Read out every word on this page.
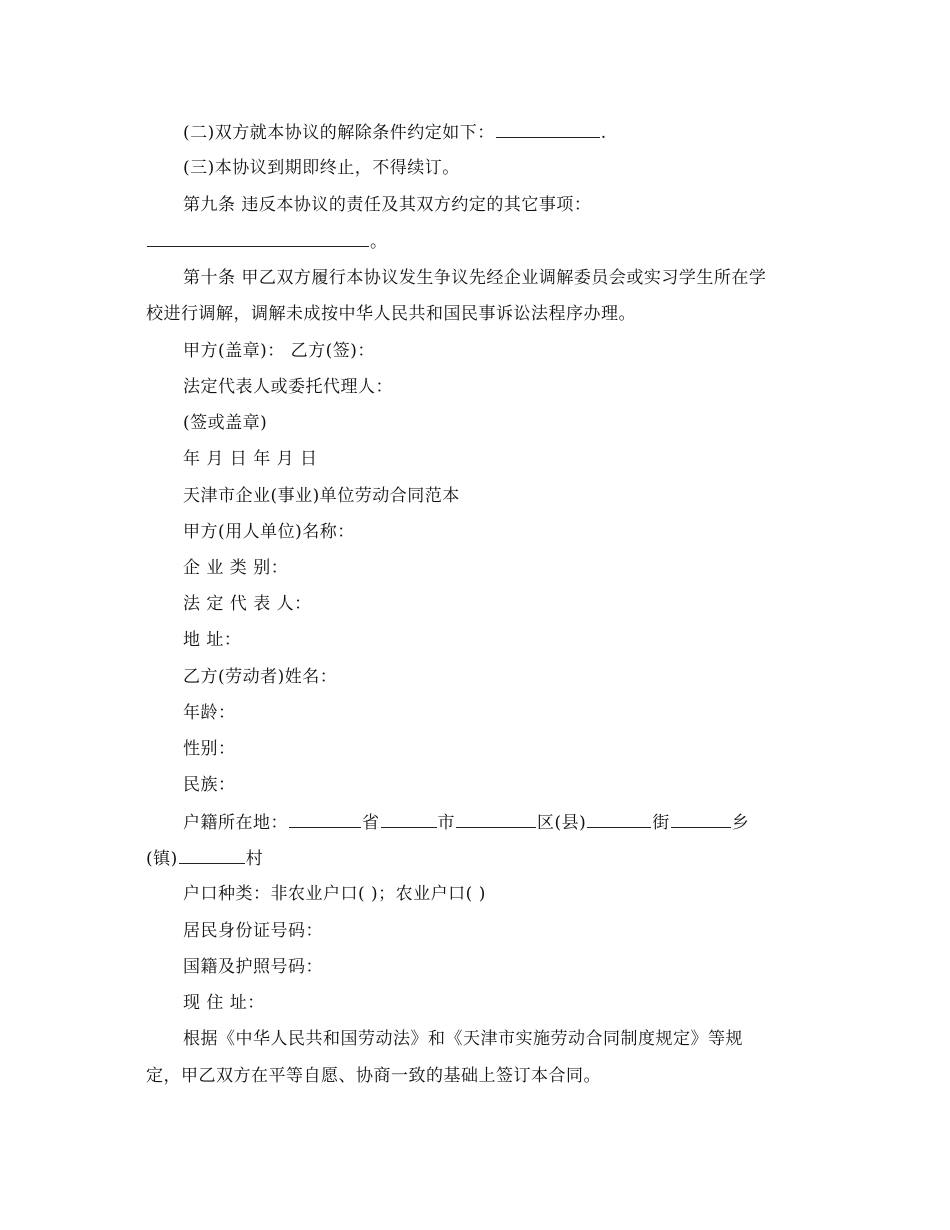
(二)双方就本协议的解除条件约定如下：	.
(三)本协议到期即终止，不得续订。
第九条 违反本协议的责任及其双方约定的其它事项：
。
第十条 甲乙双方履行本协议发生争议先经企业调解委员会或实习学生所在学
校进行调解，调解未成按中华人民共和国民事诉讼法程序办理。
甲方(盖章)： 乙方(签)：
法定代表人或委托代理人：
(签或盖章)
年 月 日 年 月 日
天津市企业(事业)单位劳动合同范本
甲方(用人单位)名称：
企 业 类 别：
法 定 代 表 人：
地 址：
乙方(劳动者)姓名：
年龄：
性别：
民族：
户籍所在地：	省	市	区(县)	街	乡
(镇)	村
户口种类：非农业户口( )；农业户口( )
居民身份证号码：
国籍及护照号码：
现 住 址：
根据《中华人民共和国劳动法》和《天津市实施劳动合同制度规定》等规
定，甲乙双方在平等自愿、协商一致的基础上签订本合同。
